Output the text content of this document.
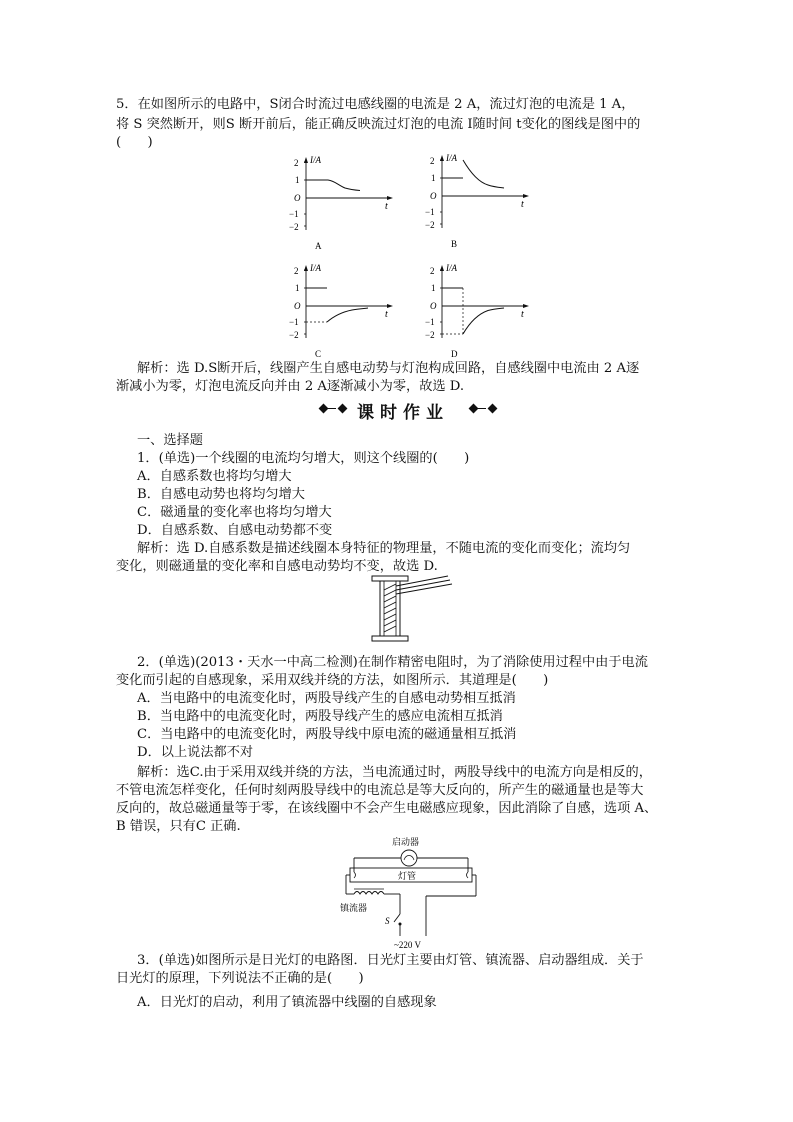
5．在如图所示的电路中，S闭合时流过电感线圈的电流是 2 A，流过灯泡的电流是 1 A，
将 S 突然断开，则S 断开前后，能正确反映流过灯泡的电流 I随时间 t变化的图线是图中的
(　　)
I/A
t
2
1
O
−1
−2
A
I/A
t
2
1
O
−1
−2
B
I/A
t
2
1
O
−1
−2
C
I/A
t
2
1
O
−1
−2
D
解析：选 D.S断开后，线圈产生自感电动势与灯泡构成回路，自感线圈中电流由 2 A逐
渐减小为零，灯泡电流反向并由 2 A逐渐减小为零，故选 D.
课时作业
一、选择题
1．(单选)一个线圈的电流均匀增大，则这个线圈的(　　)
A．自感系数也将均匀增大
B．自感电动势也将均匀增大
C．磁通量的变化率也将均匀增大
D．自感系数、自感电动势都不变
解析：选 D.自感系数是描述线圈本身特征的物理量，不随电流的变化而变化；流均匀
变化，则磁通量的变化率和自感电动势均不变，故选 D.
2．(单选)(2013・天水一中高二检测)在制作精密电阻时，为了消除使用过程中由于电流
变化而引起的自感现象，采用双线并绕的方法，如图所示．其道理是(　　)
A．当电路中的电流变化时，两股导线产生的自感电动势相互抵消
B．当电路中的电流变化时，两股导线产生的感应电流相互抵消
C．当电路中的电流变化时，两股导线中原电流的磁通量相互抵消
D．以上说法都不对
解析：选C.由于采用双线并绕的方法，当电流通过时，两股导线中的电流方向是相反的，
不管电流怎样变化，任何时刻两股导线中的电流总是等大反向的，所产生的磁通量也是等大
反向的，故总磁通量等于零，在该线圈中不会产生电磁感应现象，因此消除了自感，选项 A、
B 错误，只有C 正确.
启动器
灯管
镇流器
S
~220 V
3．(单选)如图所示是日光灯的电路图．日光灯主要由灯管、镇流器、启动器组成．关于
日光灯的原理，下列说法不正确的是(　　)
A．日光灯的启动，利用了镇流器中线圈的自感现象
